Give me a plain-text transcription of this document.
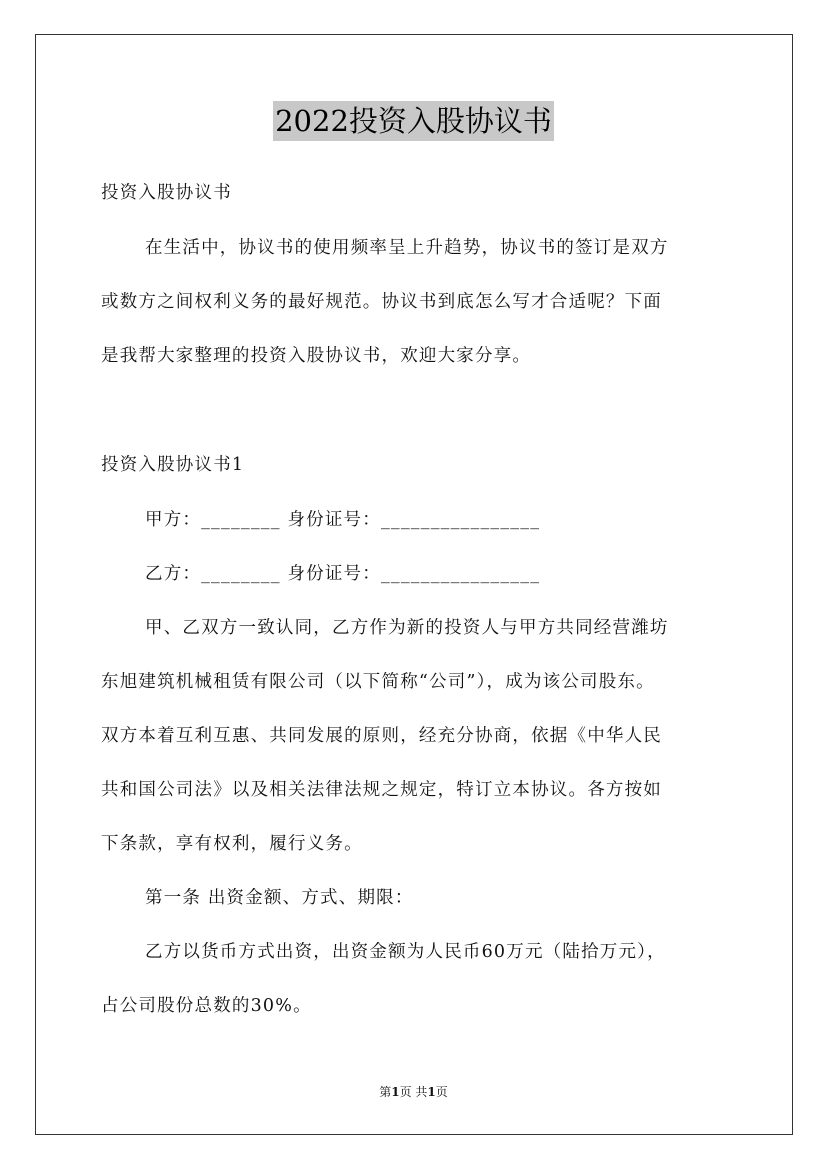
2022投资入股协议书
投资入股协议书
在生活中，协议书的使用频率呈上升趋势，协议书的签订是双方
或数方之间权利义务的最好规范。协议书到底怎么写才合适呢？下面
是我帮大家整理的投资入股协议书，欢迎大家分享。
投资入股协议书1
甲方：________ 身份证号：________________
乙方：________ 身份证号：________________
甲、乙双方一致认同，乙方作为新的投资人与甲方共同经营潍坊
东旭建筑机械租赁有限公司（以下简称“公司”），成为该公司股东。
双方本着互利互惠、共同发展的原则，经充分协商，依据《中华人民
共和国公司法》以及相关法律法规之规定，特订立本协议。各方按如
下条款，享有权利，履行义务。
第一条 出资金额、方式、期限：
乙方以货币方式出资，出资金额为人民币60万元（陆拾万元），
占公司股份总数的30%。
第1页 共1页
